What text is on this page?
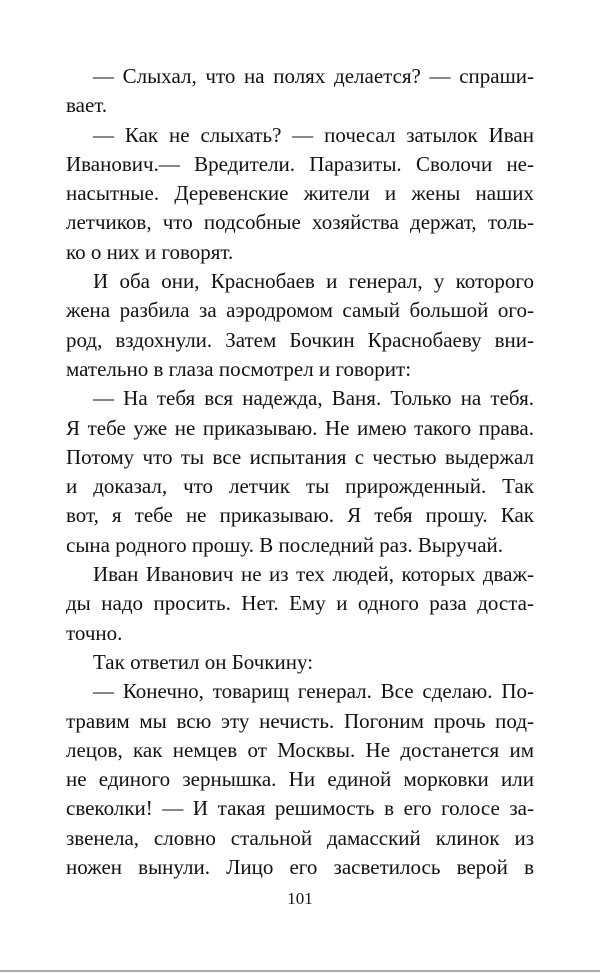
— Слыхал, что на полях делается? — спраши-
вает.
— Как не слыхать? — почесал затылок Иван
Иванович.— Вредители. Паразиты. Сволочи не-
насытные. Деревенские жители и жены наших
летчиков, что подсобные хозяйства держат, толь-
ко о них и говорят.
И оба они, Краснобаев и генерал, у которого
жена разбила за аэродромом самый большой ого-
род, вздохнули. Затем Бочкин Краснобаеву вни-
мательно в глаза посмотрел и говорит:
— На тебя вся надежда, Ваня. Только на тебя.
Я тебе уже не приказываю. Не имею такого права.
Потому что ты все испытания с честью выдержал
и доказал, что летчик ты прирожденный. Так
вот, я тебе не приказываю. Я тебя прошу. Как
сына родного прошу. В последний раз. Выручай.
Иван Иванович не из тех людей, которых дваж-
ды надо просить. Нет. Ему и одного раза доста-
точно.
Так ответил он Бочкину:
— Конечно, товарищ генерал. Все сделаю. По-
травим мы всю эту нечисть. Погоним прочь под-
лецов, как немцев от Москвы. Не достанется им
не единого зернышка. Ни единой морковки или
свеколки! — И такая решимость в его голосе за-
звенела, словно стальной дамасский клинок из
ножен вынули. Лицо его засветилось верой в
101
